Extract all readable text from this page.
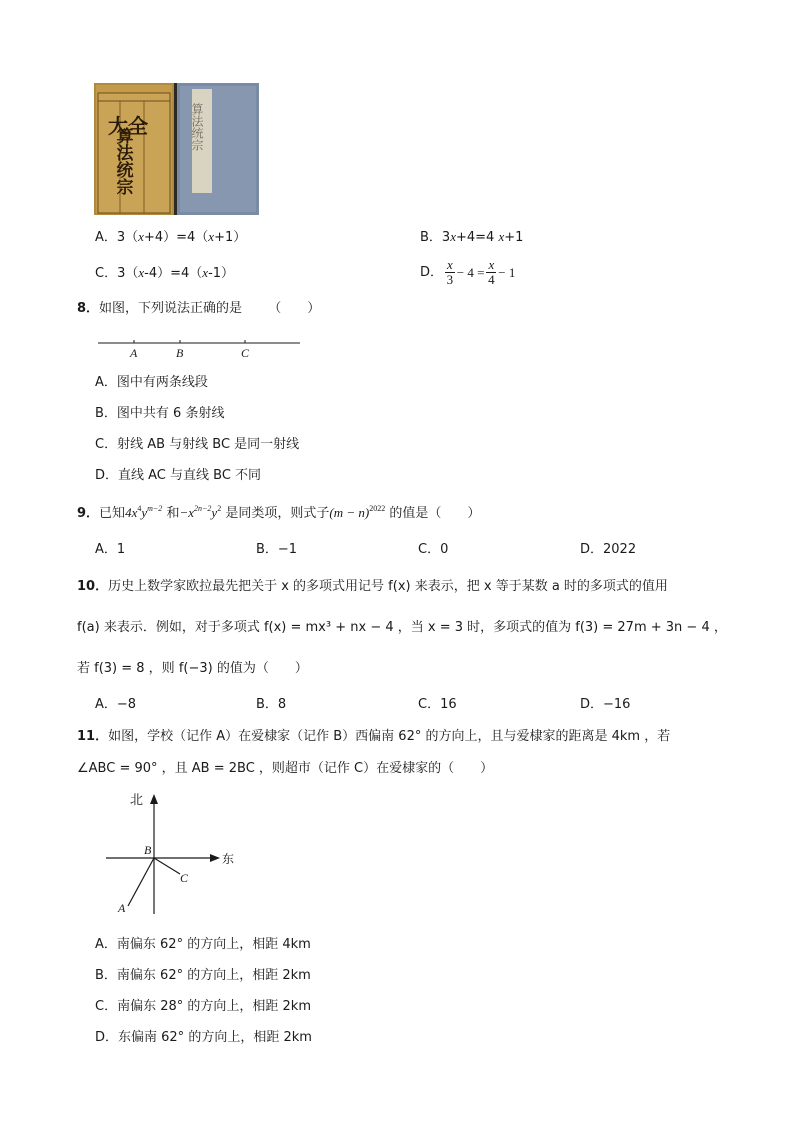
大全
算法统宗	算法统宗
A．3（x+4）=4（x+1）	B．3x+4=4 x+1
C．3（x-4）=4（x-1）	D． $\frac{x}{3} - 4 = \frac{x}{4} - 1$
8．如图，下列说法正确的是 （　　）
A	B	C
A．图中有两条线段
B．图中共有 6 条射线
C．射线 AB 与射线 BC 是同一射线
D．直线 AC 与直线 BC 不同
9．已知$4x^4y^{m-2}$ 和$-x^{2n-2}y^2$ 是同类项，则式子$(m - n)^{2022}$ 的值是（　　）
A．1	B．−1	C．0	D．2022
10．历史上数学家欧拉最先把关于 x 的多项式用记号 f(x) 来表示，把 x 等于某数 a 时的多项式的值用
f(a) 来表示．例如，对于多项式 f(x) = mx³ + nx − 4 ，当 x = 3 时，多项式的值为 f(3) = 27m + 3n − 4 ，
若 f(3) = 8 ，则 f(−3) 的值为（　　）
A．−8	B．8	C．16	D．−16
11．如图，学校（记作 A）在爱棣家（记作 B）西偏南 62° 的方向上，且与爱棣家的距离是 4km ，若
∠ABC = 90° ，且 AB = 2BC ，则超市（记作 C）在爱棣家的（　　）
北
东
B
C
A
A．南偏东 62° 的方向上，相距 4km
B．南偏东 62° 的方向上，相距 2km
C．南偏东 28° 的方向上，相距 2km
D．东偏南 62° 的方向上，相距 2km
